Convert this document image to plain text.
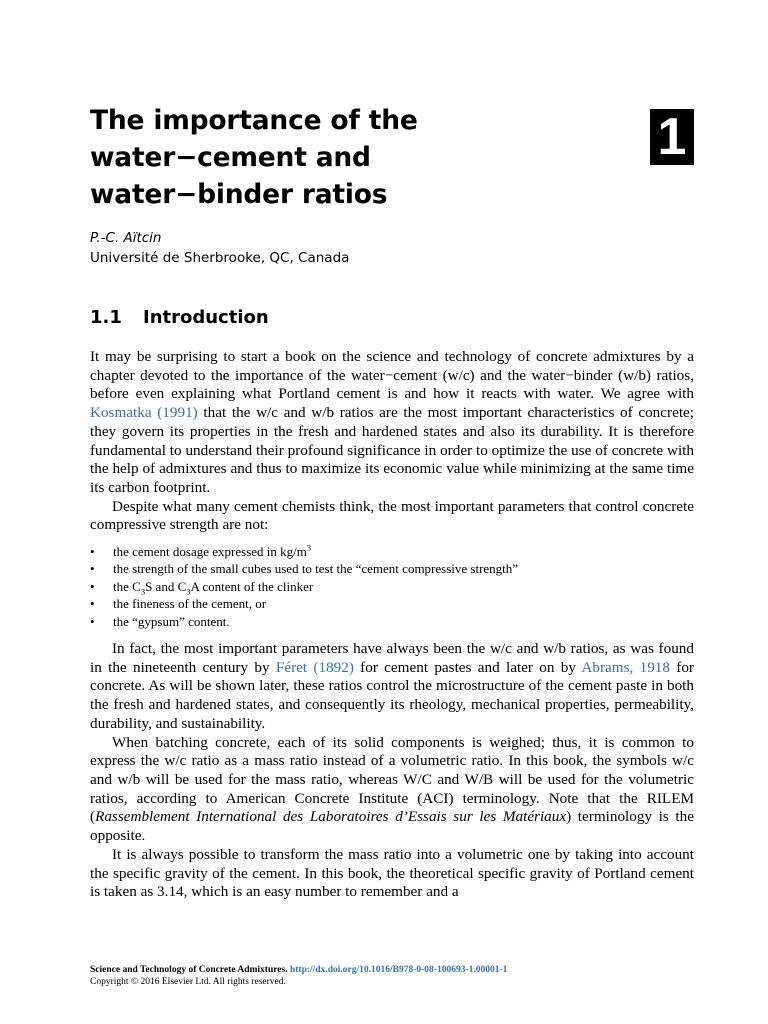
The importance of the
water−cement and
water−binder ratios
1
P.-C. Aïtcin
Université de Sherbrooke, QC, Canada
1.1 Introduction

It may be surprising to start a book on the science and technology of concrete admixtures by a chapter devoted to the importance of the water−cement (w/c) and the water−binder (w/b) ratios, before even explaining what Portland cement is and how it reacts with water. We agree with Kosmatka (1991) that the w/c and w/b ratios are the most important characteristics of concrete; they govern its properties in the fresh and hardened states and also its durability. It is therefore fundamental to understand their profound significance in order to optimize the use of concrete with the help of admixtures and thus to maximize its economic value while minimizing at the same time its carbon footprint.

Despite what many cement chemists think, the most important parameters that control concrete compressive strength are not:

• the cement dosage expressed in $kg/m^3$
• the strength of the small cubes used to test the “cement compressive strength”
• the $C_3S$ and $C_3A$ content of the clinker
• the fineness of the cement, or
• the “gypsum” content.

In fact, the most important parameters have always been the w/c and w/b ratios, as was found in the nineteenth century by Féret (1892) for cement pastes and later on by Abrams, 1918 for concrete. As will be shown later, these ratios control the microstructure of the cement paste in both the fresh and hardened states, and consequently its rheology, mechanical properties, permeability, durability, and sustainability.

When batching concrete, each of its solid components is weighed; thus, it is common to express the w/c ratio as a mass ratio instead of a volumetric ratio. In this book, the symbols w/c and w/b will be used for the mass ratio, whereas W/C and W/B will be used for the volumetric ratios, according to American Concrete Institute (ACI) terminology. Note that the RILEM (Rassemblement International des Laboratoires d’Essais sur les Matériaux) terminology is the opposite.

It is always possible to transform the mass ratio into a volumetric one by taking into account the specific gravity of the cement. In this book, the theoretical specific gravity of Portland cement is taken as 3.14, which is an easy number to remember and a

Science and Technology of Concrete Admixtures. http://dx.doi.org/10.1016/B978-0-08-100693-1.00001-1
Copyright © 2016 Elsevier Ltd. All rights reserved.
